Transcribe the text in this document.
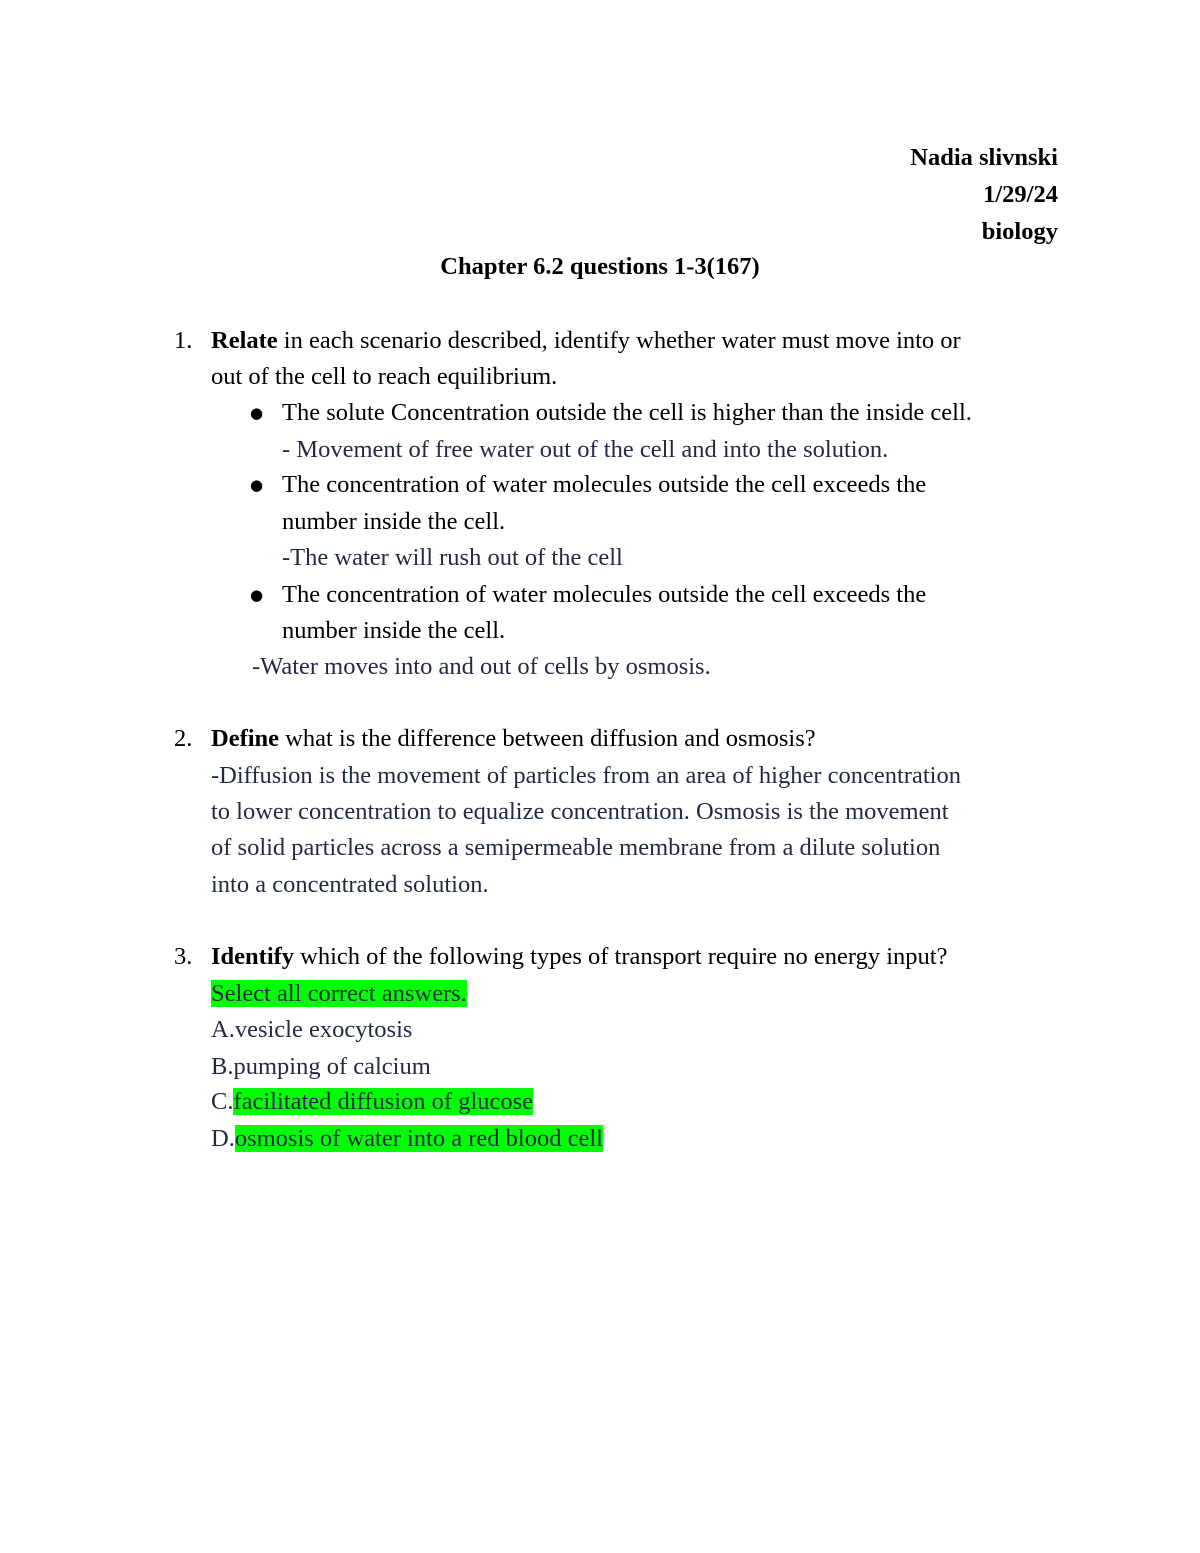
Nadia slivnski
1/29/24
biology
Chapter 6.2 questions 1-3(167)
1. Relate in each scenario described, identify whether water must move into or
out of the cell to reach equilibrium.
● The solute Concentration outside the cell is higher than the inside cell.
- Movement of free water out of the cell and into the solution.
● The concentration of water molecules outside the cell exceeds the
number inside the cell.
-The water will rush out of the cell
● The concentration of water molecules outside the cell exceeds the
number inside the cell.
-Water moves into and out of cells by osmosis.
2. Define what is the difference between diffusion and osmosis?
-Diffusion is the movement of particles from an area of higher concentration
to lower concentration to equalize concentration. Osmosis is the movement
of solid particles across a semipermeable membrane from a dilute solution
into a concentrated solution.
3. Identify which of the following types of transport require no energy input?
Select all correct answers.
A.vesicle exocytosis
B.pumping of calcium
C.facilitated diffusion of glucose
D.osmosis of water into a red blood cell
